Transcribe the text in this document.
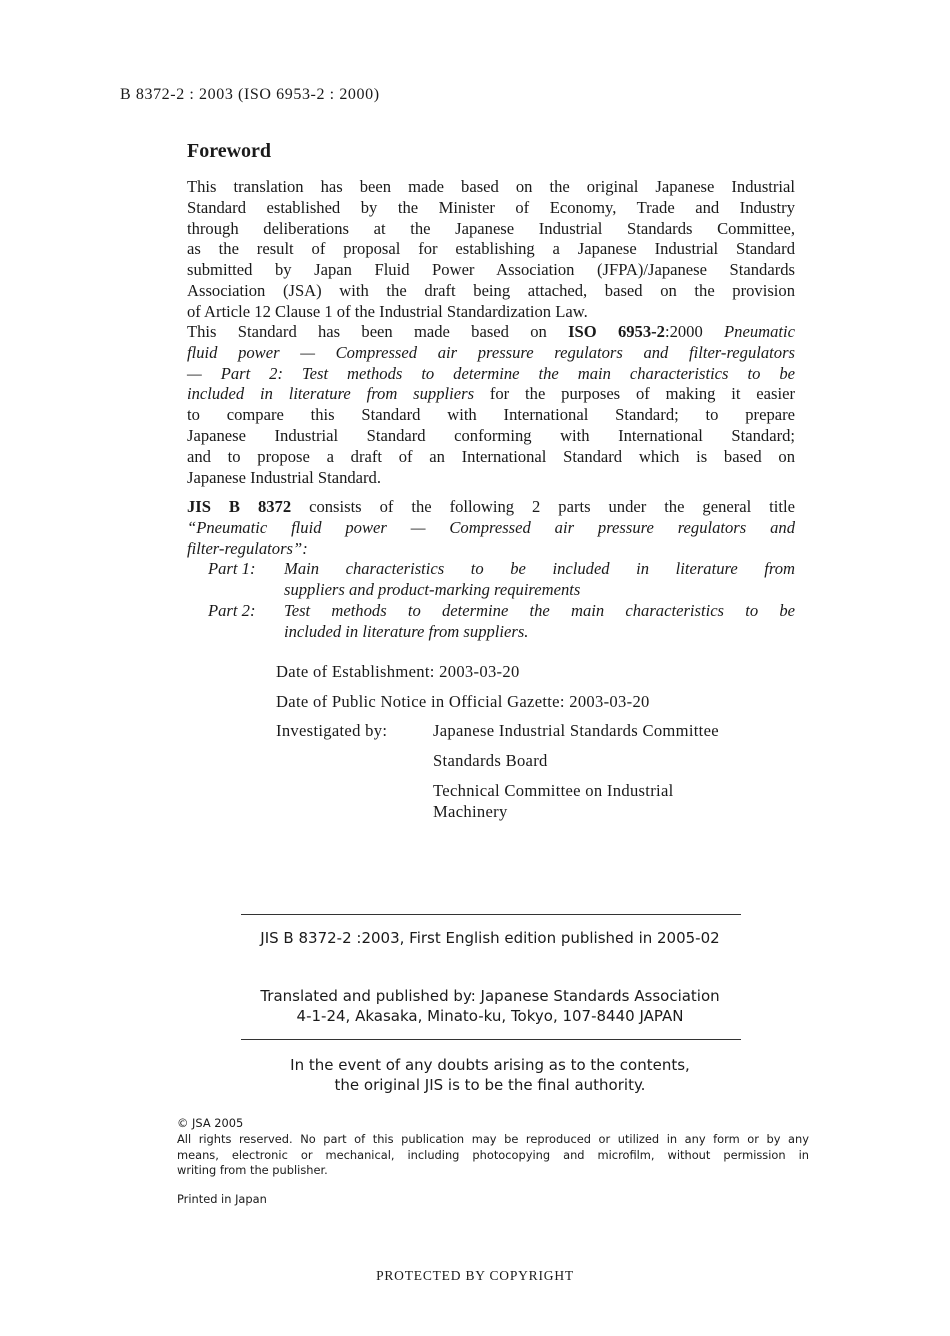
B 8372-2 : 2003 (ISO 6953-2 : 2000)
Foreword
This translation has been made based on the original Japanese Industrial
Standard established by the Minister of Economy, Trade and Industry
through deliberations at the Japanese Industrial Standards Committee,
as the result of proposal for establishing a Japanese Industrial Standard
submitted by Japan Fluid Power Association (JFPA)/Japanese Standards
Association (JSA) with the draft being attached, based on the provision
of Article 12 Clause 1 of the Industrial Standardization Law.
This Standard has been made based on ISO 6953-2:2000 Pneumatic
fluid power — Compressed air pressure regulators and filter-regulators
— Part 2: Test methods to determine the main characteristics to be
included in literature from suppliers for the purposes of making it easier
to compare this Standard with International Standard; to prepare
Japanese Industrial Standard conforming with International Standard;
and to propose a draft of an International Standard which is based on
Japanese Industrial Standard.
JIS B 8372 consists of the following 2 parts under the general title
“Pneumatic fluid power — Compressed air pressure regulators and
filter-regulators”:
Part 1: Main characteristics to be included in literature from
suppliers and product-marking requirements
Part 2: Test methods to determine the main characteristics to be
included in literature from suppliers.
Date of Establishment: 2003-03-20
Date of Public Notice in Official Gazette: 2003-03-20
Investigated by:	Japanese Industrial Standards Committee
Standards Board
Technical Committee on Industrial
Machinery
JIS B 8372-2 :2003, First English edition published in 2005-02
Translated and published by: Japanese Standards Association
4-1-24, Akasaka, Minato-ku, Tokyo, 107-8440 JAPAN
In the event of any doubts arising as to the contents,
the original JIS is to be the final authority.
© JSA 2005
All rights reserved. No part of this publication may be reproduced or utilized in any form or by any
means, electronic or mechanical, including photocopying and microfilm, without permission in
writing from the publisher.
Printed in Japan
PROTECTED BY COPYRIGHT
